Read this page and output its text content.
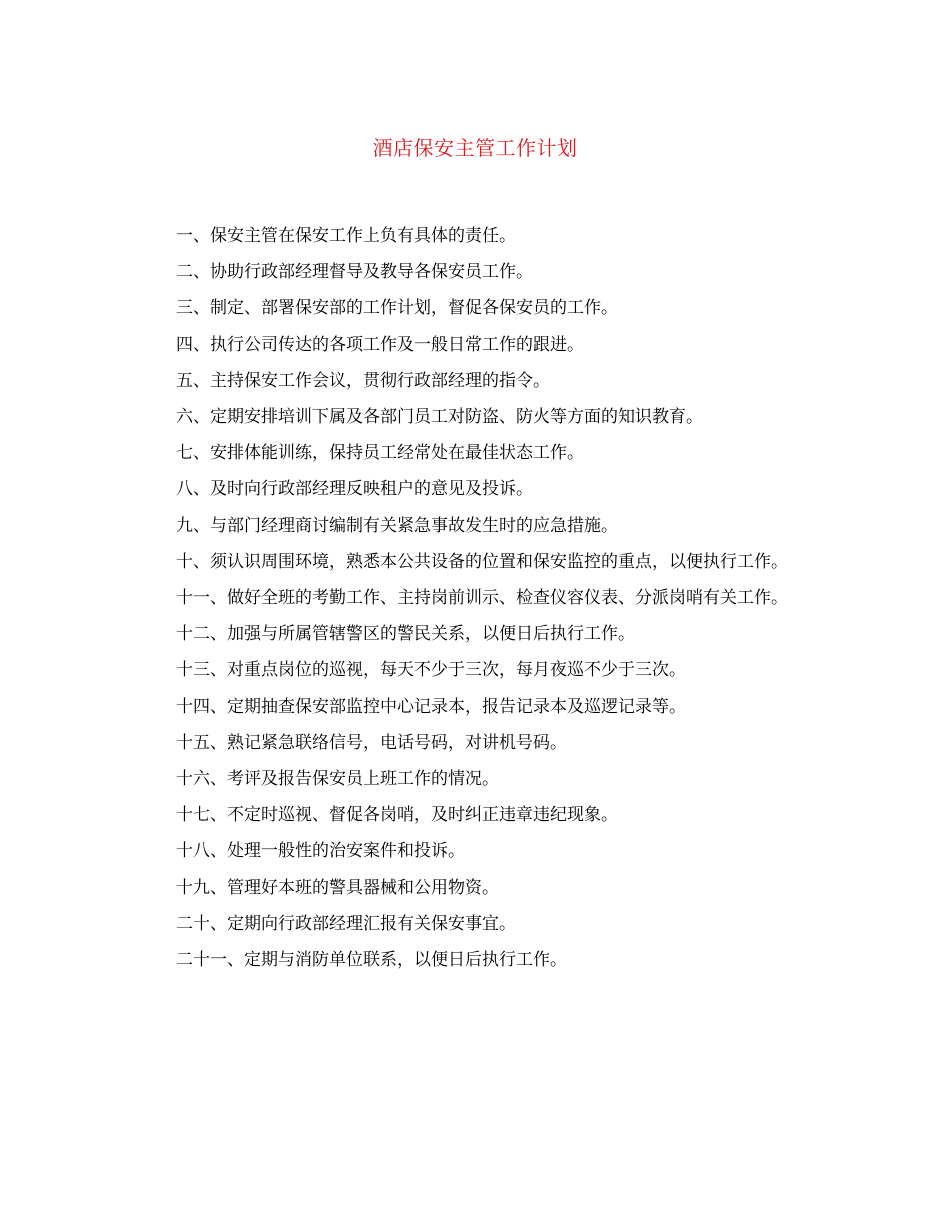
酒店保安主管工作计划

一、保安主管在保安工作上负有具体的责任。

二、协助行政部经理督导及教导各保安员工作。

三、制定、部署保安部的工作计划，督促各保安员的工作。

四、执行公司传达的各项工作及一般日常工作的跟进。

五、主持保安工作会议，贯彻行政部经理的指令。

六、定期安排培训下属及各部门员工对防盗、防火等方面的知识教育。

七、安排体能训练，保持员工经常处在最佳状态工作。

八、及时向行政部经理反映租户的意见及投诉。

九、与部门经理商讨编制有关紧急事故发生时的应急措施。

十、须认识周围环境，熟悉本公共设备的位置和保安监控的重点，以便执行工作。

十一、做好全班的考勤工作、主持岗前训示、检查仪容仪表、分派岗哨有关工作。

十二、加强与所属管辖警区的警民关系，以便日后执行工作。

十三、对重点岗位的巡视，每天不少于三次，每月夜巡不少于三次。

十四、定期抽查保安部监控中心记录本，报告记录本及巡逻记录等。

十五、熟记紧急联络信号，电话号码，对讲机号码。

十六、考评及报告保安员上班工作的情况。

十七、不定时巡视、督促各岗哨，及时纠正违章违纪现象。

十八、处理一般性的治安案件和投诉。

十九、管理好本班的警具器械和公用物资。

二十、定期向行政部经理汇报有关保安事宜。

二十一、定期与消防单位联系，以便日后执行工作。
